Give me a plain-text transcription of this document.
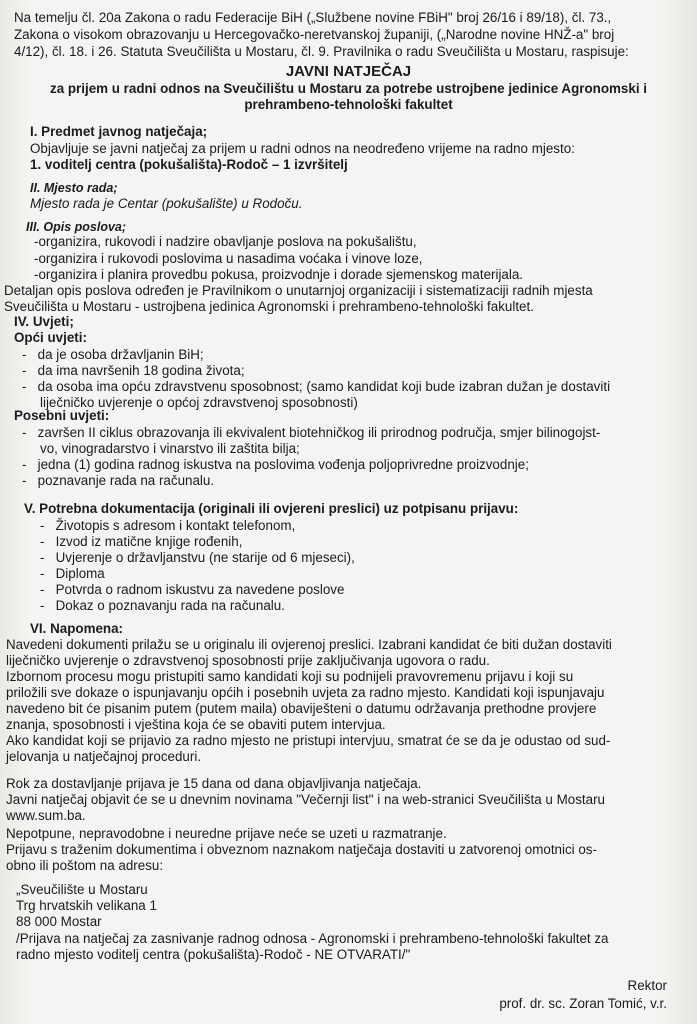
Na temelju čl. 20a Zakona o radu Federacije BiH („Službene novine FBiH" broj 26/16 i 89/18), čl. 73.,
Zakona o visokom obrazovanju u Hercegovačko-neretvanskoj županiji, („Narodne novine HNŽ-a" broj
4/12), čl. 18. i 26. Statuta Sveučilišta u Mostaru, čl. 9. Pravilnika o radu Sveučilišta u Mostaru, raspisuje:
JAVNI NATJEČAJ
za prijem u radni odnos na Sveučilištu u Mostaru za potrebe ustrojbene jedinice Agronomski i
prehrambeno-tehnološki fakultet
I. Predmet javnog natječaja;
Objavljuje se javni natječaj za prijem u radni odnos na neodređeno vrijeme na radno mjesto:
1. voditelj centra (pokušališta)-Rodoč – 1 izvršitelj
II. Mjesto rada;
Mjesto rada je Centar (pokušalište) u Rodoču.
III. Opis poslova;
-organizira, rukovodi i nadzire obavljanje poslova na pokušalištu,
-organizira i rukovodi poslovima u nasadima voćaka i vinove loze,
-organizira i planira provedbu pokusa, proizvodnje i dorade sjemenskog materijala.
Detaljan opis poslova određen je Pravilnikom o unutarnjoj organizaciji i sistematizaciji radnih mjesta
Sveučilišta u Mostaru - ustrojbena jedinica Agronomski i prehrambeno-tehnološki fakultet.
IV. Uvjeti;
Opći uvjeti:
-   da je osoba državljanin BiH;
-   da ima navršenih 18 godina života;
-   da osoba ima opću zdravstvenu sposobnost; (samo kandidat koji bude izabran dužan je dostaviti
liječničko uvjerenje o općoj zdravstvenoj sposobnosti)
Posebni uvjeti:
-   završen II ciklus obrazovanja ili ekvivalent biotehničkog ili prirodnog područja, smjer bilinogojst-
vo, vinogradarstvo i vinarstvo ili zaštita bilja;
-   jedna (1) godina radnog iskustva na poslovima vođenja poljoprivredne proizvodnje;
-   poznavanje rada na računalu.
V. Potrebna dokumentacija (originali ili ovjereni preslici) uz potpisanu prijavu:
-   Životopis s adresom i kontakt telefonom,
-   Izvod iz matične knjige rođenih,
-   Uvjerenje o državljanstvu (ne starije od 6 mjeseci),
-   Diploma
-   Potvrda o radnom iskustvu za navedene poslove
-   Dokaz o poznavanju rada na računalu.
VI. Napomena:
Navedeni dokumenti prilažu se u originalu ili ovjerenoj preslici. Izabrani kandidat će biti dužan dostaviti
liječničko uvjerenje o zdravstvenoj sposobnosti prije zaključivanja ugovora o radu.
Izbornom procesu mogu pristupiti samo kandidati koji su podnijeli pravovremenu prijavu i koji su
priložili sve dokaze o ispunjavanju općih i posebnih uvjeta za radno mjesto. Kandidati koji ispunjavaju
navedeno bit će pisanim putem (putem maila) obaviješteni o datumu održavanja prethodne provjere
znanja, sposobnosti i vještina koja će se obaviti putem intervjua.
Ako kandidat koji se prijavio za radno mjesto ne pristupi intervjuu, smatrat će se da je odustao od sud-
jelovanja u natječajnoj proceduri.
Rok za dostavljanje prijava je 15 dana od dana objavljivanja natječaja.
Javni natječaj objavit će se u dnevnim novinama "Večernji list" i na web-stranici Sveučilišta u Mostaru
www.sum.ba.
Nepotpune, nepravodobne i neuredne prijave neće se uzeti u razmatranje.
Prijavu s traženim dokumentima i obveznom naznakom natječaja dostaviti u zatvorenoj omotnici os-
obno ili poštom na adresu:
„Sveučilište u Mostaru
Trg hrvatskih velikana 1
88 000 Mostar
/Prijava na natječaj za zasnivanje radnog odnosa - Agronomski i prehrambeno-tehnološki fakultet za
radno mjesto voditelj centra (pokušališta)-Rodoč - NE OTVARATI/"
Rektor
prof. dr. sc. Zoran Tomić, v.r.
